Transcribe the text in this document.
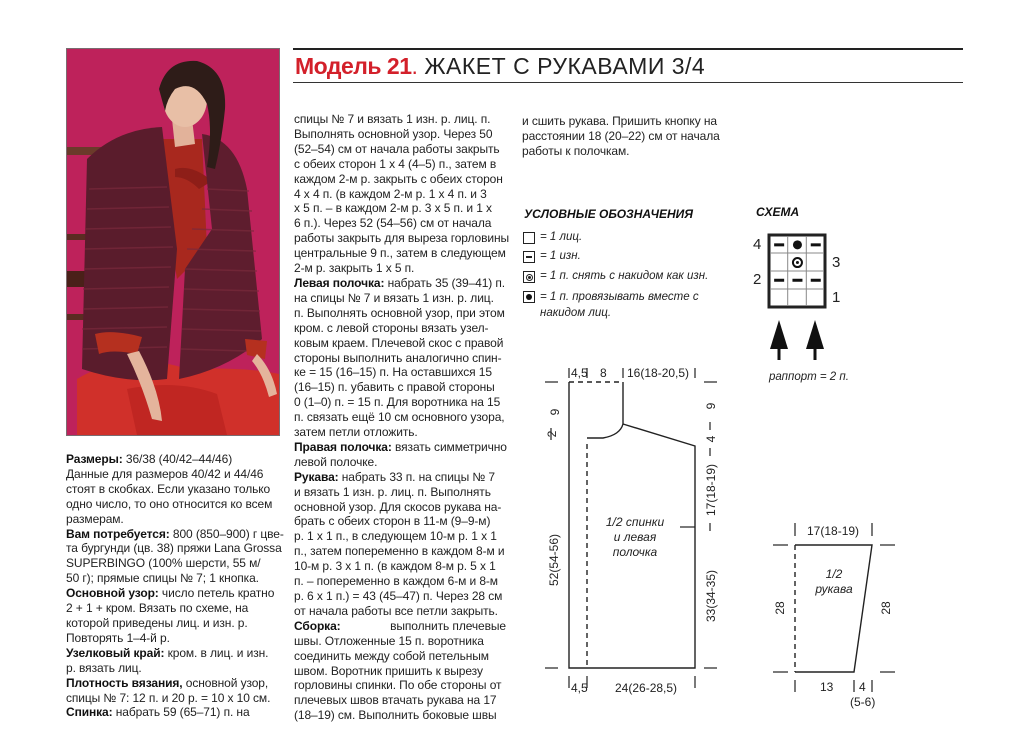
Модель 21. ЖАКЕТ С РУКАВАМИ 3/4
Размеры: 36/38 (40/42–44/46)
Данные для размеров 40/42 и 44/46
стоят в скобках. Если указано только
одно число, то оно относится ко всем
размерам.
Вам потребуется: 800 (850–900) г цве-
та бургунди (цв. 38) пряжи Lana Grossa
SUPERBINGO (100% шерсти, 55 м/
50 г); прямые спицы № 7; 1 кнопка.
Основной узор: число петель кратно
2 + 1 + кром. Вязать по схеме, на
которой приведены лиц. и изн. р.
Повторять 1–4-й р.
Узелковый край: кром. в лиц. и изн.
р. вязать лиц.
Плотность вязания, основной узор,
спицы № 7: 12 п. и 20 р. = 10 х 10 см.
Спинка: набрать 59 (65–71) п. на
спицы № 7 и вязать 1 изн. р. лиц. п.
Выполнять основной узор. Через 50
(52–54) см от начала работы закрыть
с обеих сторон 1 х 4 (4–5) п., затем в
каждом 2-м р. закрыть с обеих сторон
4 х 4 п. (в каждом 2-м р. 1 х 4 п. и 3
х 5 п. – в каждом 2-м р. 3 х 5 п. и 1 х
6 п.). Через 52 (54–56) см от начала
работы закрыть для выреза горловины
центральные 9 п., затем в следующем
2-м р. закрыть 1 х 5 п.
Левая полочка: набрать 35 (39–41) п.
на спицы № 7 и вязать 1 изн. р. лиц.
п. Выполнять основной узор, при этом
кром. с левой стороны вязать узел-
ковым краем. Плечевой скос с правой
стороны выполнить аналогично спин-
ке = 15 (16–15) п. На оставшихся 15
(16–15) п. убавить с правой стороны
0 (1–0) п. = 15 п. Для воротника на 15
п. связать ещё 10 см основного узора,
затем петли отложить.
Правая полочка: вязать симметрично
левой полочке.
Рукава: набрать 33 п. на спицы № 7
и вязать 1 изн. р. лиц. п. Выполнять
основной узор. Для скосов рукава на-
брать с обеих сторон в 11-м (9–9-м)
р. 1 х 1 п., в следующем 10-м р. 1 х 1
п., затем попеременно в каждом 8-м и
10-м р. 3 х 1 п. (в каждом 8-м р. 5 х 1
п. – попеременно в каждом 6-м и 8-м
р. 6 х 1 п.) = 43 (45–47) п. Через 28 см
от начала работы все петли закрыть.
Сборка:	выполнить плечевые
швы. Отложенные 15 п. воротника
соединить между собой петельным
швом. Воротник пришить к вырезу
горловины спинки. По обе стороны от
плечевых швов втачать рукава на 17
(18–19) см. Выполнить боковые швы
и сшить рукава. Пришить кнопку на
расстоянии 18 (20–22) см от начала
работы к полочкам.
УСЛОВНЫЕ ОБОЗНАЧЕНИЯ
= 1 лиц.
= 1 изн.
= 1 п. снять с накидом как изн.
= 1 п. провязывать вместе с
накидом лиц.
СХЕМА
4
2
3
1
раппорт = 2 п.
4,5 8 16(18-20,5)
9
2
52(54-56)
9
4
17(18-19)
33(34-35)
4,5 24(26-28,5)
1/2 спинки
и левая
полочка
17(18-19)
28	28
13 4
(5-6)
1/2
рукава
